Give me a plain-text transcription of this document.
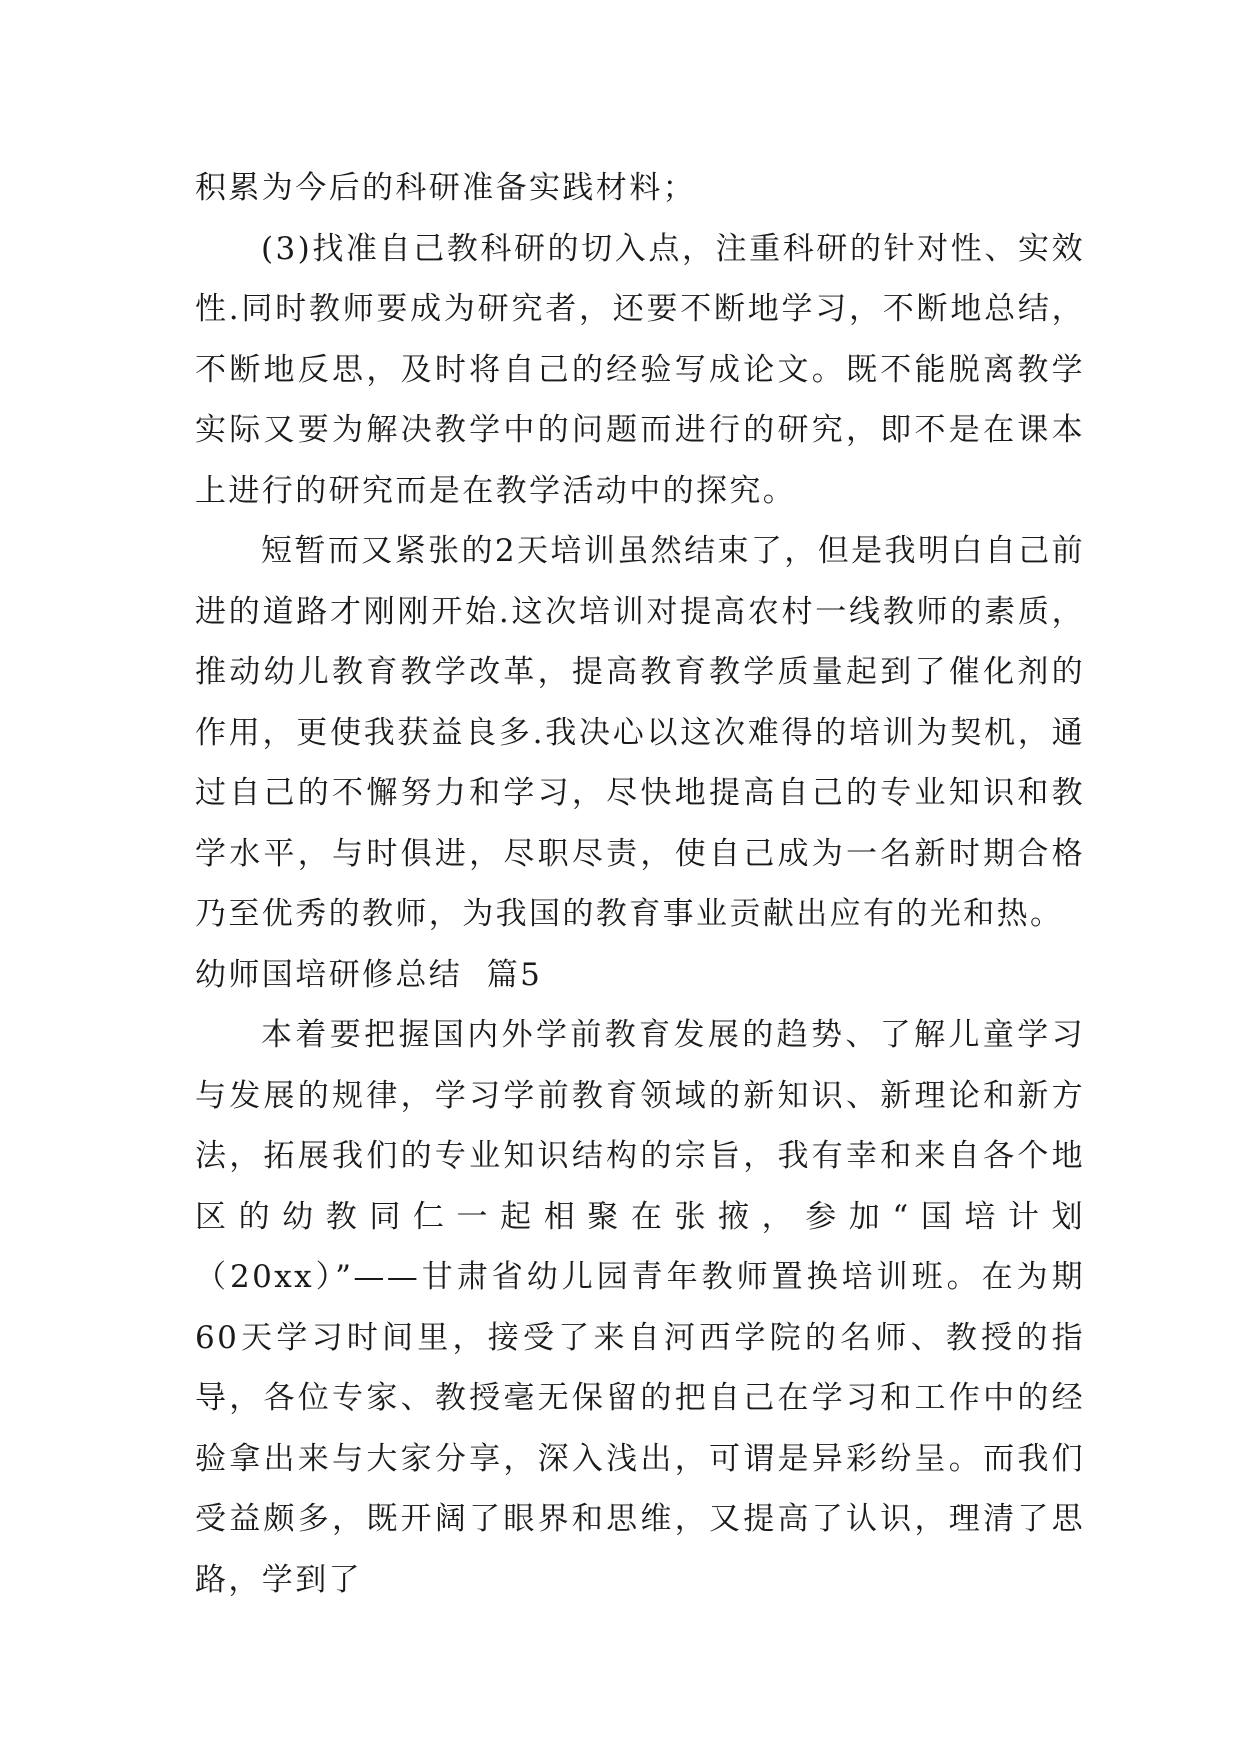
积累为今后的科研准备实践材料；

(3)找准自己教科研的切入点，注重科研的针对性、实效性.同时教师要成为研究者，还要不断地学习，不断地总结，不断地反思，及时将自己的经验写成论文。既不能脱离教学实际又要为解决教学中的问题而进行的研究，即不是在课本上进行的研究而是在教学活动中的探究。

短暂而又紧张的2天培训虽然结束了，但是我明白自己前进的道路才刚刚开始.这次培训对提高农村一线教师的素质，推动幼儿教育教学改革，提高教育教学质量起到了催化剂的作用，更使我获益良多.我决心以这次难得的培训为契机，通过自己的不懈努力和学习，尽快地提高自己的专业知识和教学水平，与时俱进，尽职尽责，使自己成为一名新时期合格乃至优秀的教师，为我国的教育事业贡献出应有的光和热。

幼师国培研修总结  篇5

本着要把握国内外学前教育发展的趋势、了解儿童学习与发展的规律，学习学前教育领域的新知识、新理论和新方法，拓展我们的专业知识结构的宗旨，我有幸和来自各个地区的幼教同仁一起相聚在张掖，参加“国培计划（20xx）”——甘肃省幼儿园青年教师置换培训班。在为期60天学习时间里，接受了来自河西学院的名师、教授的指导，各位专家、教授毫无保留的把自己在学习和工作中的经验拿出来与大家分享，深入浅出，可谓是异彩纷呈。而我们受益颇多，既开阔了眼界和思维，又提高了认识，理清了思路，学到了
